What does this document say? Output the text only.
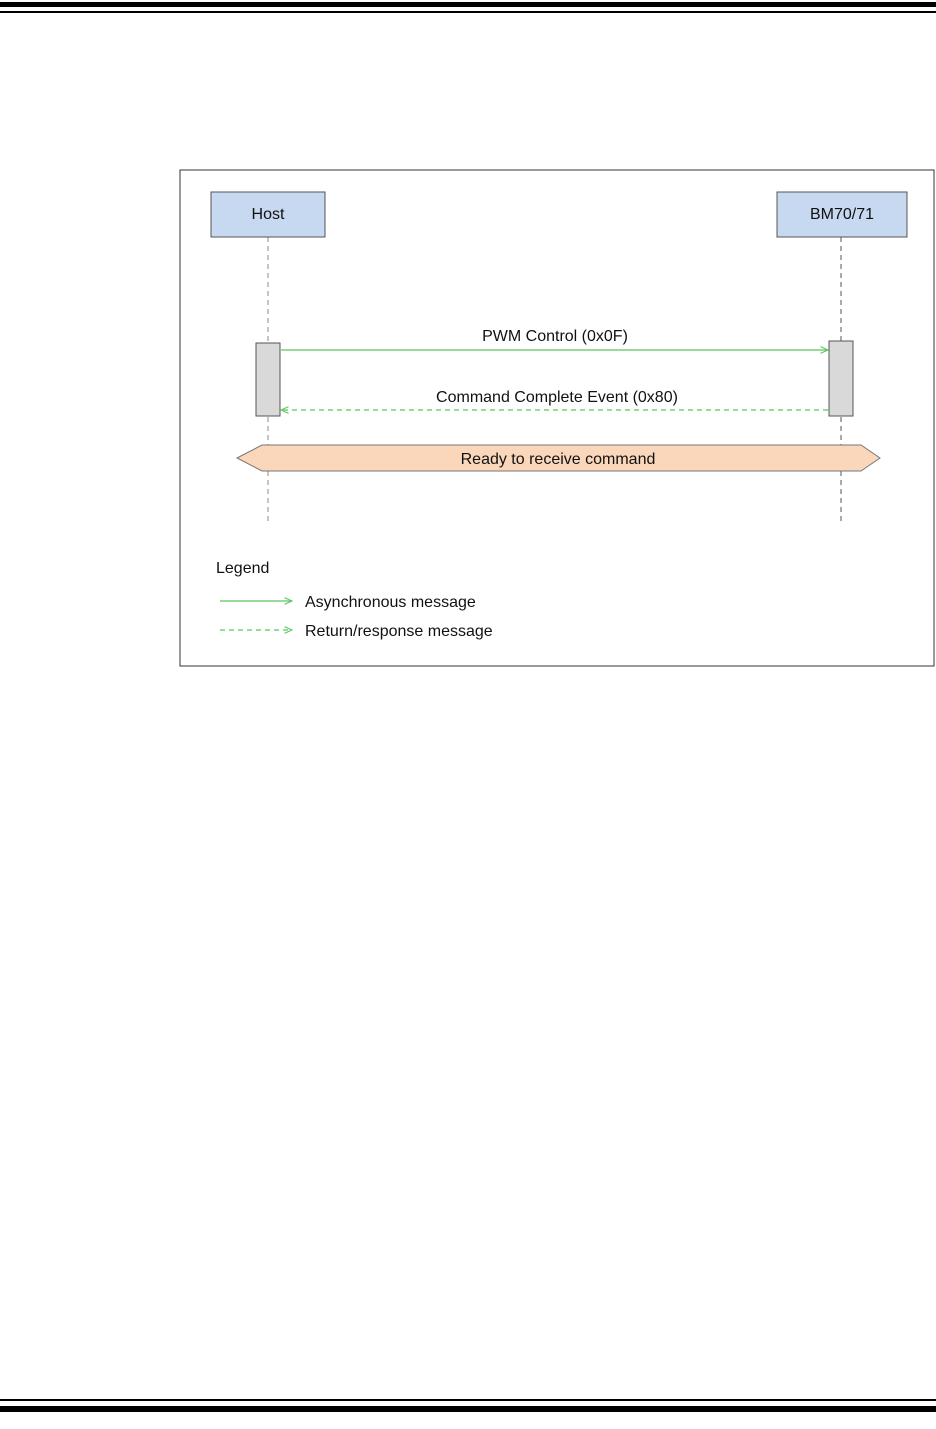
Host	BM70/71
PWM Control (0x0F)
Command Complete Event (0x80)
Ready to receive command
Legend
Asynchronous message
Return/response message
